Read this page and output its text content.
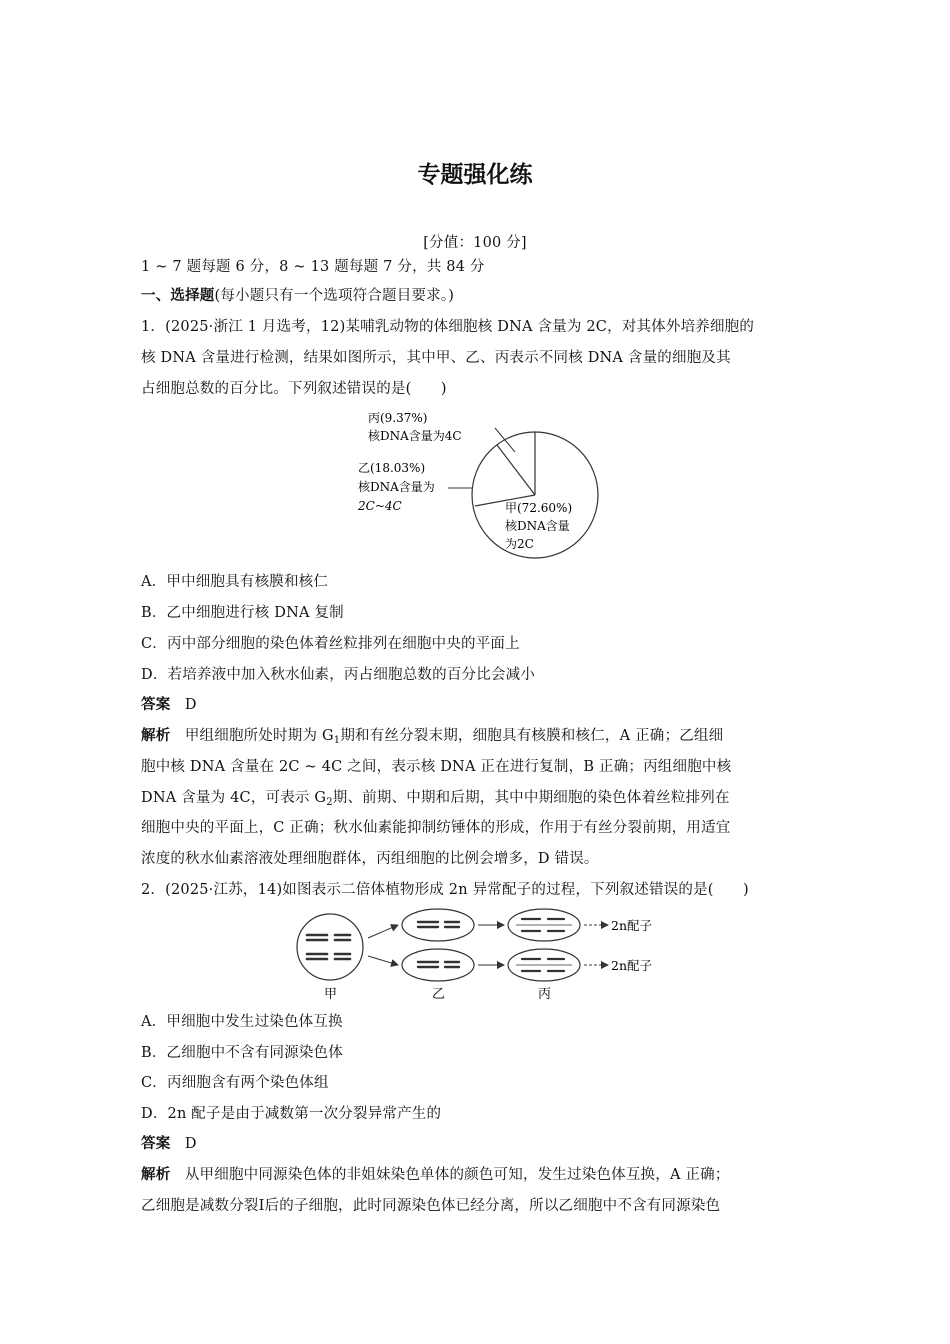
专题强化练
[分值：100 分]
1 ~ 7 题每题 6 分，8 ~ 13 题每题 7 分，共 84 分
一、选择题(每小题只有一个选项符合题目要求。)
1．(2025·浙江 1 月选考，12)某哺乳动物的体细胞核 DNA 含量为 2C，对其体外培养细胞的
核 DNA 含量进行检测，结果如图所示，其中甲、乙、丙表示不同核 DNA 含量的细胞及其
占细胞总数的百分比。下列叙述错误的是(　　)
丙(9.37%)
核DNA含量为4C
乙(18.03%)
核DNA含量为
2C~4C	甲(72.60%)
核DNA含量
为2C
A．甲中细胞具有核膜和核仁
B．乙中细胞进行核 DNA 复制
C．丙中部分细胞的染色体着丝粒排列在细胞中央的平面上
D．若培养液中加入秋水仙素，丙占细胞总数的百分比会减小
答案 D
解析 甲组细胞所处时期为 $G_1$期和有丝分裂末期，细胞具有核膜和核仁，A 正确；乙组细
胞中核 DNA 含量在 2C ~ 4C 之间，表示核 DNA 正在进行复制，B 正确；丙组细胞中核
DNA 含量为 4C，可表示 $G_2$期、前期、中期和后期，其中中期细胞的染色体着丝粒排列在
细胞中央的平面上，C 正确；秋水仙素能抑制纺锤体的形成，作用于有丝分裂前期，用适宜
浓度的秋水仙素溶液处理细胞群体，丙组细胞的比例会增多，D 错误。
2．(2025·江苏，14)如图表示二倍体植物形成 2n 异常配子的过程，下列叙述错误的是(　　)
2n配子
2n配子
甲	乙	丙
A．甲细胞中发生过染色体互换
B．乙细胞中不含有同源染色体
C．丙细胞含有两个染色体组
D．2n 配子是由于减数第一次分裂异常产生的
答案 D
解析 从甲细胞中同源染色体的非姐妹染色单体的颜色可知，发生过染色体互换，A 正确；
乙细胞是减数分裂Ⅰ后的子细胞，此时同源染色体已经分离，所以乙细胞中不含有同源染色
